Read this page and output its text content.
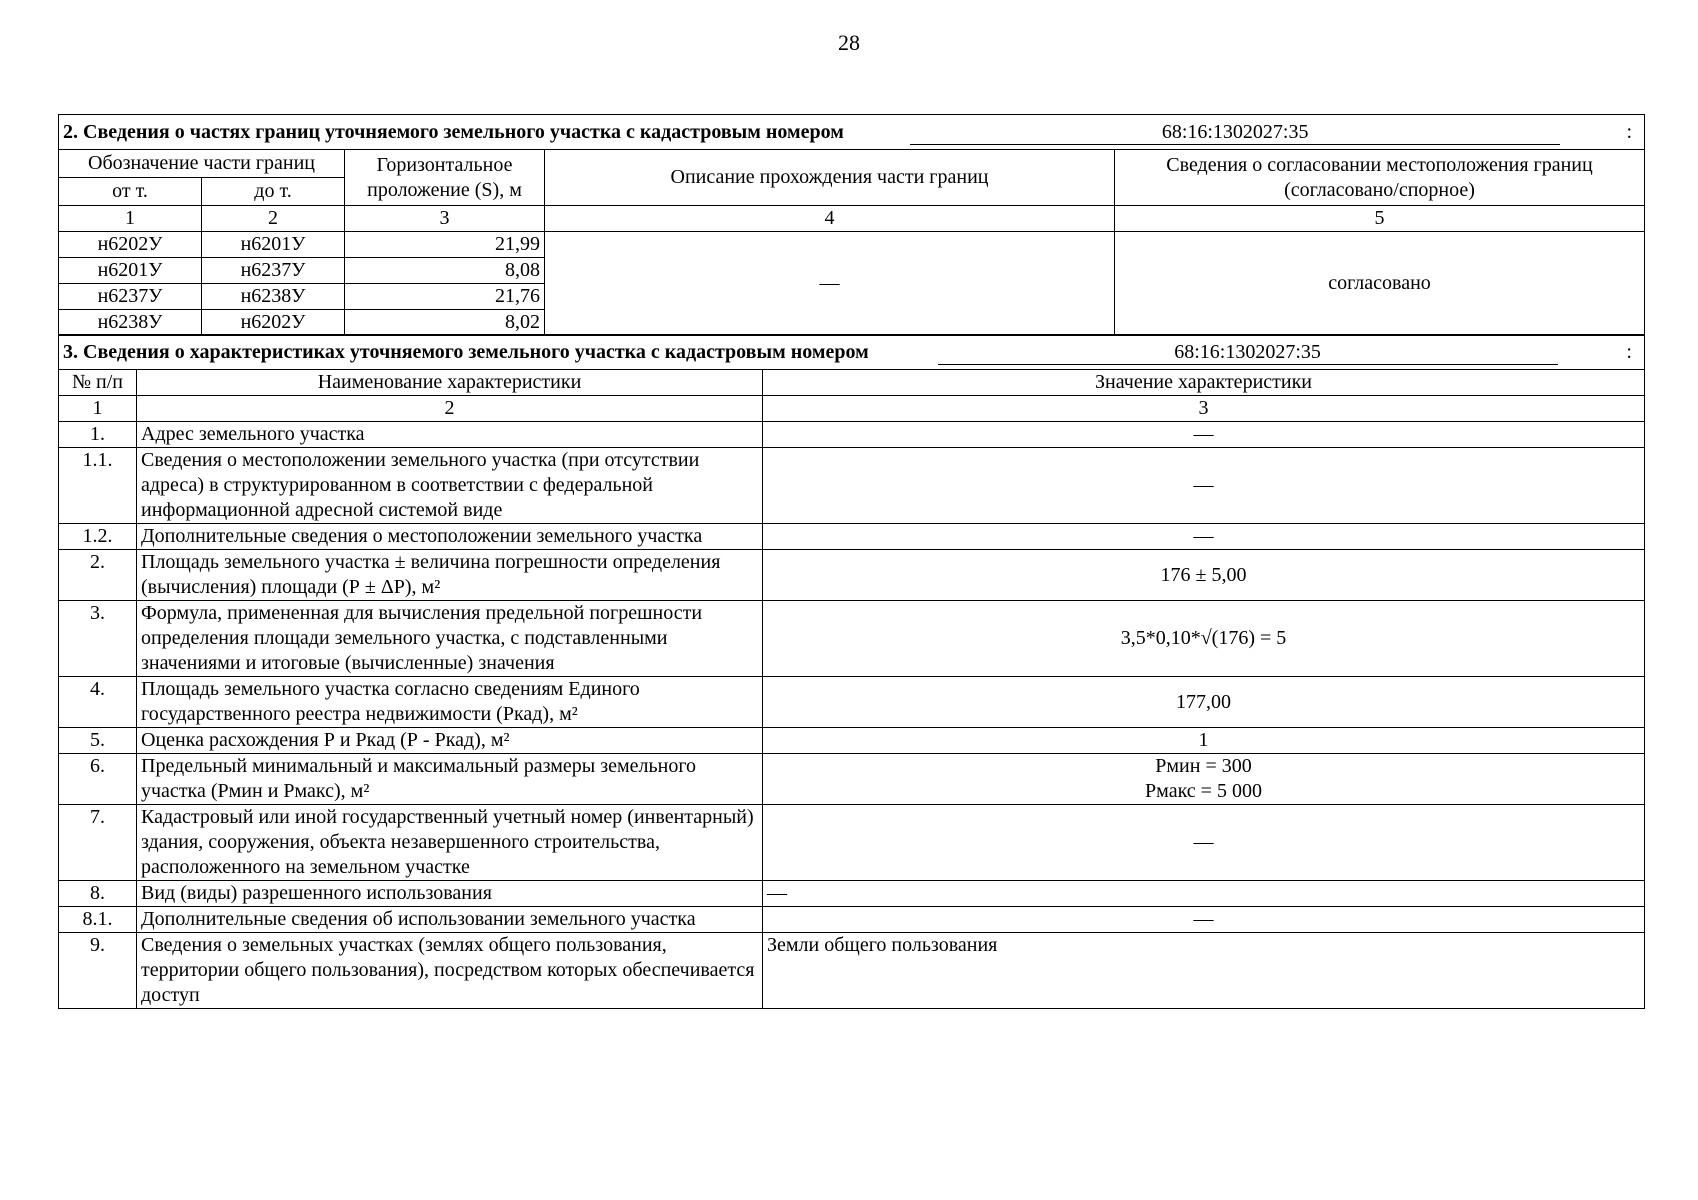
28
2. Сведения о частях границ уточняемого земельного участка с кадастровым номером 68:16:1302027:35 :				

Обозначение части границ		Горизонтальное проложение (S), м	Описание прохождения части границ	Сведения о согласовании местоположения границ (согласовано/спорное)
от т.	до т.			
1	2	3	4	5
н6202У	н6201У	21,99	—	согласовано
н6201У	н6237У	8,08		
н6237У	н6238У	21,76		
н6238У	н6202У	8,02		
3. Сведения о характеристиках уточняемого земельного участка с кадастровым номером 68:16:1302027:35 :		

№ п/п	Наименование характеристики	Значение характеристики
1	2	3
1.	Адрес земельного участка	—
1.1.	Сведения о местоположении земельного участка (при отсутствии адреса) в структурированном в соответствии с федеральной информационной адресной системой виде	—
1.2.	Дополнительные сведения о местоположении земельного участка	—
2.	Площадь земельного участка ± величина погрешности определения (вычисления) площади (Р ± ΔР), м²	176 ± 5,00
3.	Формула, примененная для вычисления предельной погрешности определения площади земельного участка, с подставленными значениями и итоговые (вычисленные) значения	3,5*0,10*√(176) = 5
4.	Площадь земельного участка согласно сведениям Единого государственного реестра недвижимости (Ркад), м²	177,00
5.	Оценка расхождения Р и Ркад (Р - Ркад), м²	1
6.	Предельный минимальный и максимальный размеры земельного участка (Рмин и Рмакс), м²	Рмин = 300
Рмакс = 5 000

7.	Кадастровый или иной государственный учетный номер (инвентарный) здания, сооружения, объекта незавершенного строительства, расположенного на земельном участке	—
8.	Вид (виды) разрешенного использования	—
8.1.	Дополнительные сведения об использовании земельного участка	—
9.	Сведения о земельных участках (землях общего пользования, территории общего пользования), посредством которых обеспечивается доступ	Земли общего пользования
